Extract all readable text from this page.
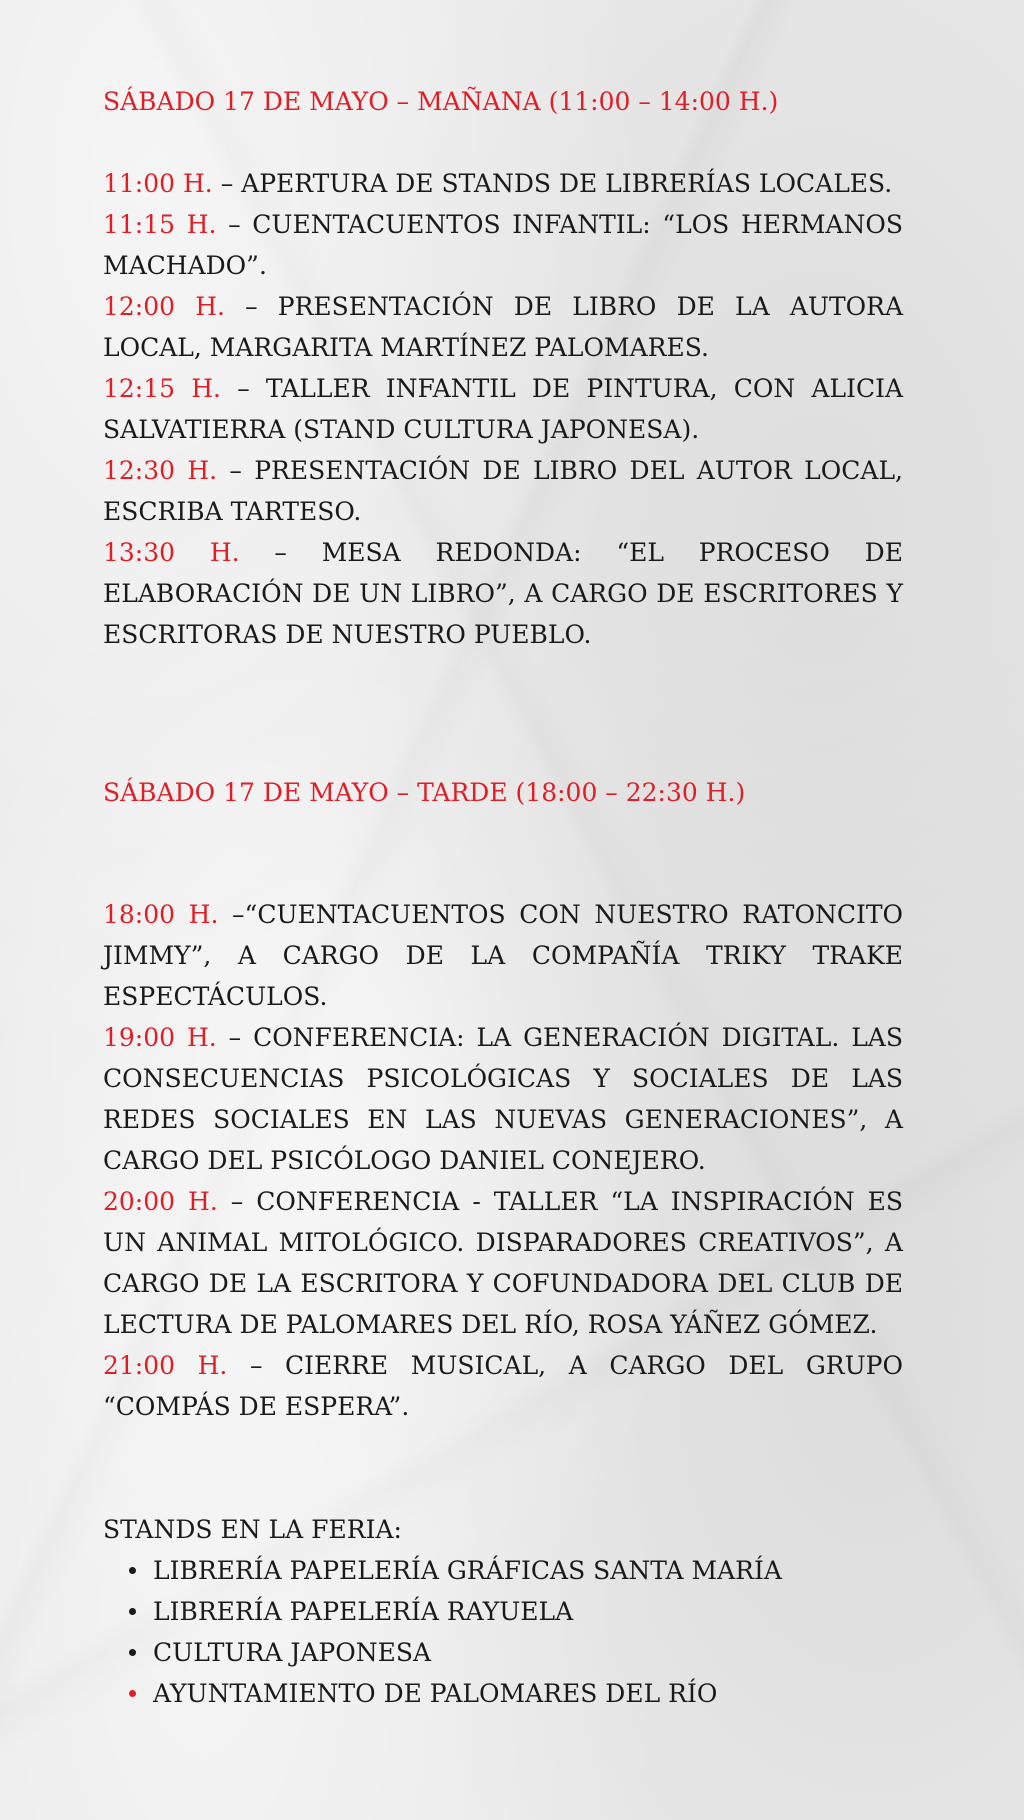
SÁBADO 17 DE MAYO – MAÑANA (11:00 – 14:00 H.)
11:00 H. – APERTURA DE STANDS DE LIBRERÍAS LOCALES.
11:15 H. – CUENTACUENTOS INFANTIL: “LOS HERMANOS MACHADO”.
12:00 H. – PRESENTACIÓN DE LIBRO DE LA AUTORA LOCAL, MARGARITA MARTÍNEZ PALOMARES.
12:15 H. – TALLER INFANTIL DE PINTURA, CON ALICIA SALVATIERRA (STAND CULTURA JAPONESA).
12:30 H. – PRESENTACIÓN DE LIBRO DEL AUTOR LOCAL, ESCRIBA TARTESO.
13:30 H. – MESA REDONDA: “EL PROCESO DE ELABORACIÓN DE UN LIBRO”, A CARGO DE ESCRITORES Y ESCRITORAS DE NUESTRO PUEBLO.
SÁBADO 17 DE MAYO – TARDE (18:00 – 22:30 H.)
18:00 H. –“CUENTACUENTOS CON NUESTRO RATONCITO JIMMY”, A CARGO DE LA COMPAÑÍA TRIKY TRAKE ESPECTÁCULOS.
19:00 H. – CONFERENCIA: LA GENERACIÓN DIGITAL. LAS CONSECUENCIAS PSICOLÓGICAS Y SOCIALES DE LAS REDES SOCIALES EN LAS NUEVAS GENERACIONES”, A CARGO DEL PSICÓLOGO DANIEL CONEJERO.
20:00 H. – CONFERENCIA - TALLER “LA INSPIRACIÓN ES UN ANIMAL MITOLÓGICO. DISPARADORES CREATIVOS”, A CARGO DE LA ESCRITORA Y COFUNDADORA DEL CLUB DE LECTURA DE PALOMARES DEL RÍO, ROSA YÁÑEZ GÓMEZ.
21:00 H. – CIERRE MUSICAL, A CARGO DEL GRUPO “COMPÁS DE ESPERA”.

STANDS EN LA FERIA:

LIBRERÍA PAPELERÍA GRÁFICAS SANTA MARÍA
LIBRERÍA PAPELERÍA RAYUELA
CULTURA JAPONESA
AYUNTAMIENTO DE PALOMARES DEL RÍO
